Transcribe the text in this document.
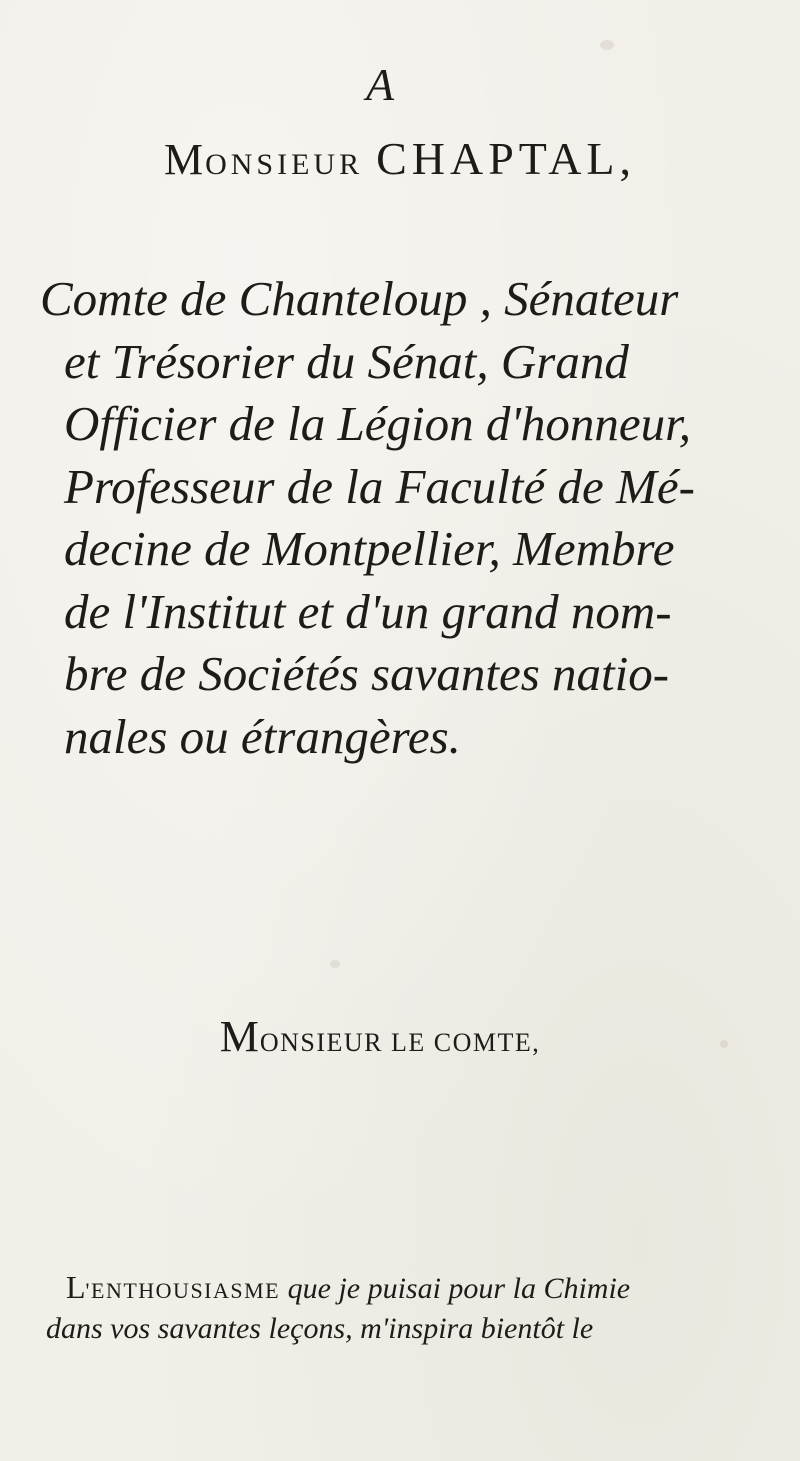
A
MONSIEUR CHAPTAL,
Comte de Chanteloup , Sénateur
et Trésorier du Sénat, Grand
Officier de la Légion d'honneur,
Professeur de la Faculté de Mé-
decine de Montpellier, Membre
de l'Institut et d'un grand nom-
bre de Sociétés savantes natio-
nales ou étrangères.
MONSIEUR LE COMTE,
L'ENTHOUSIASME que je puisai pour la Chimie
dans vos savantes leçons, m'inspira bientôt le
